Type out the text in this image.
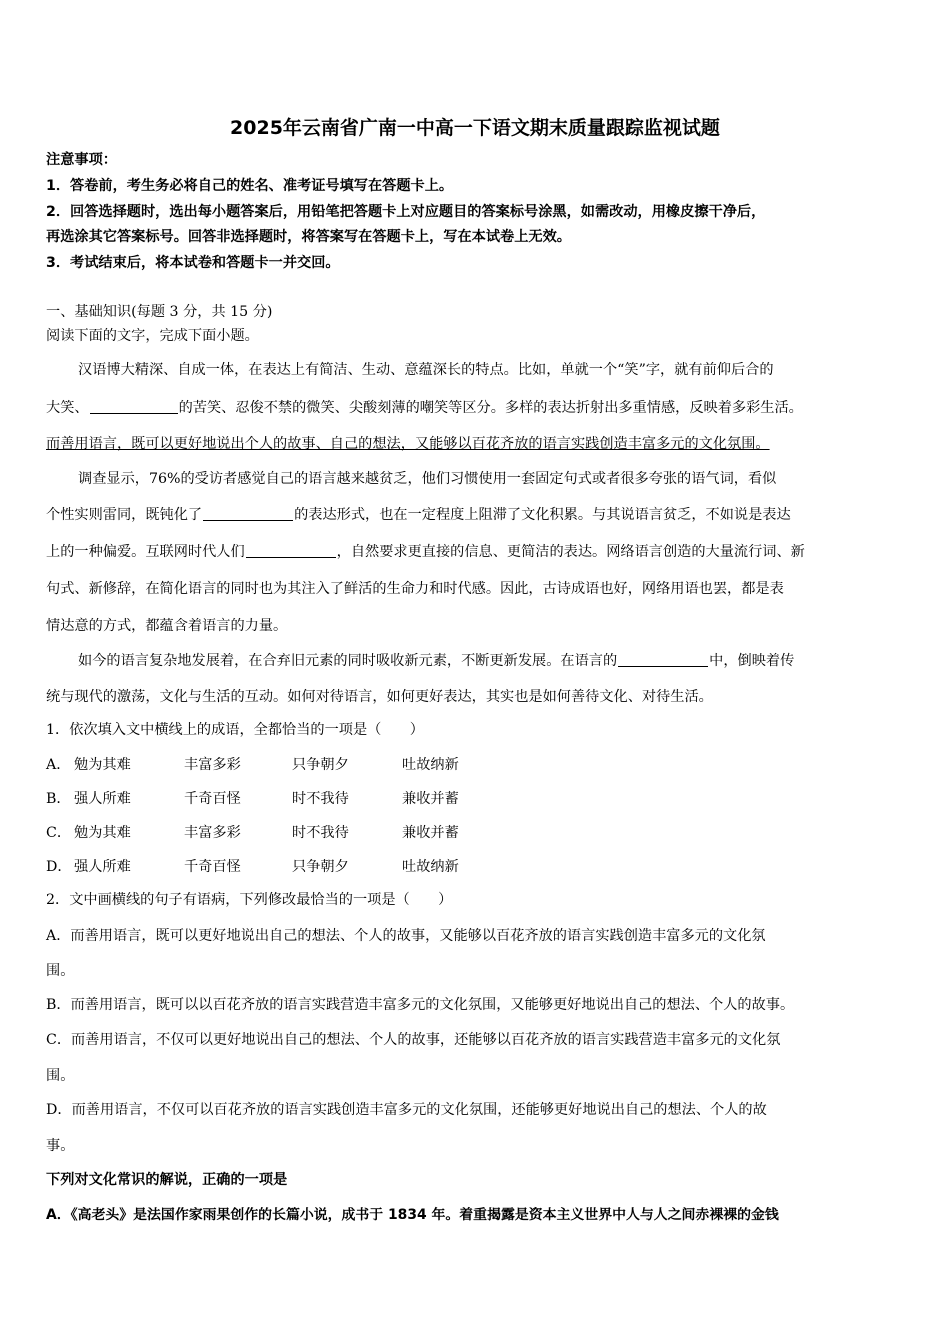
2025年云南省广南一中高一下语文期末质量跟踪监视试题
注意事项：
1．答卷前，考生务必将自己的姓名、准考证号填写在答题卡上。
2．回答选择题时，选出每小题答案后，用铅笔把答题卡上对应题目的答案标号涂黑，如需改动，用橡皮擦干净后，
再选涂其它答案标号。回答非选择题时，将答案写在答题卡上，写在本试卷上无效。
3．考试结束后，将本试卷和答题卡一并交回。
一、基础知识(每题 3 分，共 15 分)
阅读下面的文字，完成下面小题。
汉语博大精深、自成一体，在表达上有简洁、生动、意蕴深长的特点。比如，单就一个“笑”字，就有前仰后合的
大笑、	的苦笑、忍俊不禁的微笑、尖酸刻薄的嘲笑等区分。多样的表达折射出多重情感，反映着多彩生活。
而善用语言，既可以更好地说出个人的故事、自己的想法，又能够以百花齐放的语言实践创造丰富多元的文化氛围。
调查显示，76%的受访者感觉自己的语言越来越贫乏，他们习惯使用一套固定句式或者很多夸张的语气词，看似
个性实则雷同，既钝化了	的表达形式，也在一定程度上阻滞了文化积累。与其说语言贫乏，不如说是表达
上的一种偏爱。互联网时代人们	，自然要求更直接的信息、更简洁的表达。网络语言创造的大量流行词、新
句式、新修辞，在简化语言的同时也为其注入了鲜活的生命力和时代感。因此，古诗成语也好，网络用语也罢，都是表
情达意的方式，都蕴含着语言的力量。
如今的语言复杂地发展着，在合弃旧元素的同时吸收新元素，不断更新发展。在语言的	中，倒映着传
统与现代的激荡，文化与生活的互动。如何对待语言，如何更好表达，其实也是如何善待文化、对待生活。
1．依次填入文中横线上的成语，全都恰当的一项是（　　）
A． 勉为其难	丰富多彩	只争朝夕	吐故纳新
B． 强人所难	千奇百怪	时不我待	兼收并蓄
C． 勉为其难	丰富多彩	时不我待	兼收并蓄
D． 强人所难	千奇百怪	只争朝夕	吐故纳新
2．文中画横线的句子有语病，下列修改最恰当的一项是（　　）
A．而善用语言，既可以更好地说出自己的想法、个人的故事，又能够以百花齐放的语言实践创造丰富多元的文化氛
围。
B．而善用语言，既可以以百花齐放的语言实践营造丰富多元的文化氛围，又能够更好地说出自己的想法、个人的故事。
C．而善用语言，不仅可以更好地说出自己的想法、个人的故事，还能够以百花齐放的语言实践营造丰富多元的文化氛
围。
D．而善用语言，不仅可以百花齐放的语言实践创造丰富多元的文化氛围，还能够更好地说出自己的想法、个人的故
事。
下列对文化常识的解说，正确的一项是
A．《高老头》是法国作家雨果创作的长篇小说，成书于 1834 年。着重揭露是资本主义世界中人与人之间赤裸裸的金钱
